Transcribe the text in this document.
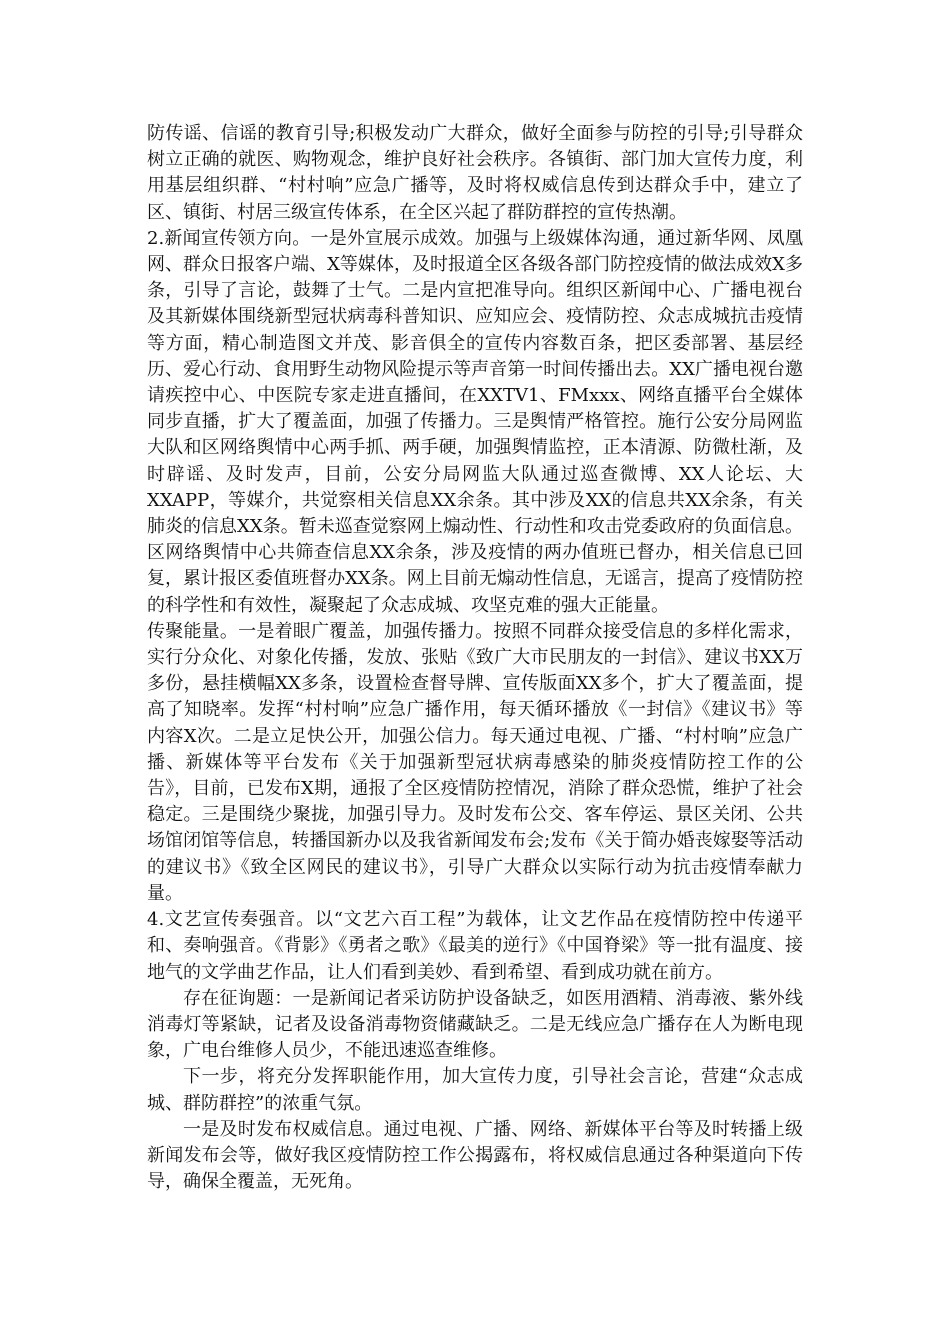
防传谣、信谣的教育引导;积极发动广大群众，做好全面参与防控的引导;引导群众树立正确的就医、购物观念，维护良好社会秩序。各镇街、部门加大宣传力度，利用基层组织群、“村村响”应急广播等，及时将权威信息传到达群众手中，建立了区、镇街、村居三级宣传体系，在全区兴起了群防群控的宣传热潮。

2.新闻宣传领方向。一是外宣展示成效。加强与上级媒体沟通，通过新华网、凤凰网、群众日报客户端、X等媒体，及时报道全区各级各部门防控疫情的做法成效X多条，引导了言论，鼓舞了士气。二是内宣把准导向。组织区新闻中心、广播电视台及其新媒体围绕新型冠状病毒科普知识、应知应会、疫情防控、众志成城抗击疫情等方面，精心制造图文并茂、影音俱全的宣传内容数百条，把区委部署、基层经历、爱心行动、食用野生动物风险提示等声音第一时间传播出去。XX广播电视台邀请疾控中心、中医院专家走进直播间，在XXTV1、FMxxx、网络直播平台全媒体同步直播，扩大了覆盖面，加强了传播力。三是舆情严格管控。施行公安分局网监大队和区网络舆情中心两手抓、两手硬，加强舆情监控，正本清源、防微杜渐，及时辟谣、及时发声，目前，公安分局网监大队通过巡查微博、XX人论坛、大XXAPP，等媒介，共觉察相关信息XX余条。其中涉及XX的信息共XX余条，有关肺炎的信息XX条。暂未巡查觉察网上煽动性、行动性和攻击党委政府的负面信息。区网络舆情中心共筛查信息XX余条，涉及疫情的两办值班已督办，相关信息已回复，累计报区委值班督办XX条。网上目前无煽动性信息，无谣言，提高了疫情防控的科学性和有效性，凝聚起了众志成城、攻坚克难的强大正能量。

传聚能量。一是着眼广覆盖，加强传播力。按照不同群众接受信息的多样化需求，实行分众化、对象化传播，发放、张贴《致广大市民朋友的一封信》、建议书XX万多份，悬挂横幅XX多条，设置检查督导牌、宣传版面XX多个，扩大了覆盖面，提高了知晓率。发挥“村村响”应急广播作用，每天循环播放《一封信》《建议书》等内容X次。二是立足快公开，加强公信力。每天通过电视、广播、“村村响”应急广播、新媒体等平台发布《关于加强新型冠状病毒感染的肺炎疫情防控工作的公告》，目前，已发布X期，通报了全区疫情防控情况，消除了群众恐慌，维护了社会稳定。三是围绕少聚拢，加强引导力。及时发布公交、客车停运、景区关闭、公共场馆闭馆等信息，转播国新办以及我省新闻发布会;发布《关于简办婚丧嫁娶等活动的建议书》《致全区网民的建议书》，引导广大群众以实际行动为抗击疫情奉献力量。

4.文艺宣传奏强音。以“文艺六百工程”为载体，让文艺作品在疫情防控中传递平和、奏响强音。《背影》《勇者之歌》《最美的逆行》《中国脊梁》等一批有温度、接地气的文学曲艺作品，让人们看到美妙、看到希望、看到成功就在前方。

存在征询题：一是新闻记者采访防护设备缺乏，如医用酒精、消毒液、紫外线消毒灯等紧缺，记者及设备消毒物资储藏缺乏。二是无线应急广播存在人为断电现象，广电台维修人员少，不能迅速巡查维修。

下一步，将充分发挥职能作用，加大宣传力度，引导社会言论，营建“众志成城、群防群控”的浓重气氛。

一是及时发布权威信息。通过电视、广播、网络、新媒体平台等及时转播上级新闻发布会等，做好我区疫情防控工作公揭露布，将权威信息通过各种渠道向下传导，确保全覆盖，无死角。
